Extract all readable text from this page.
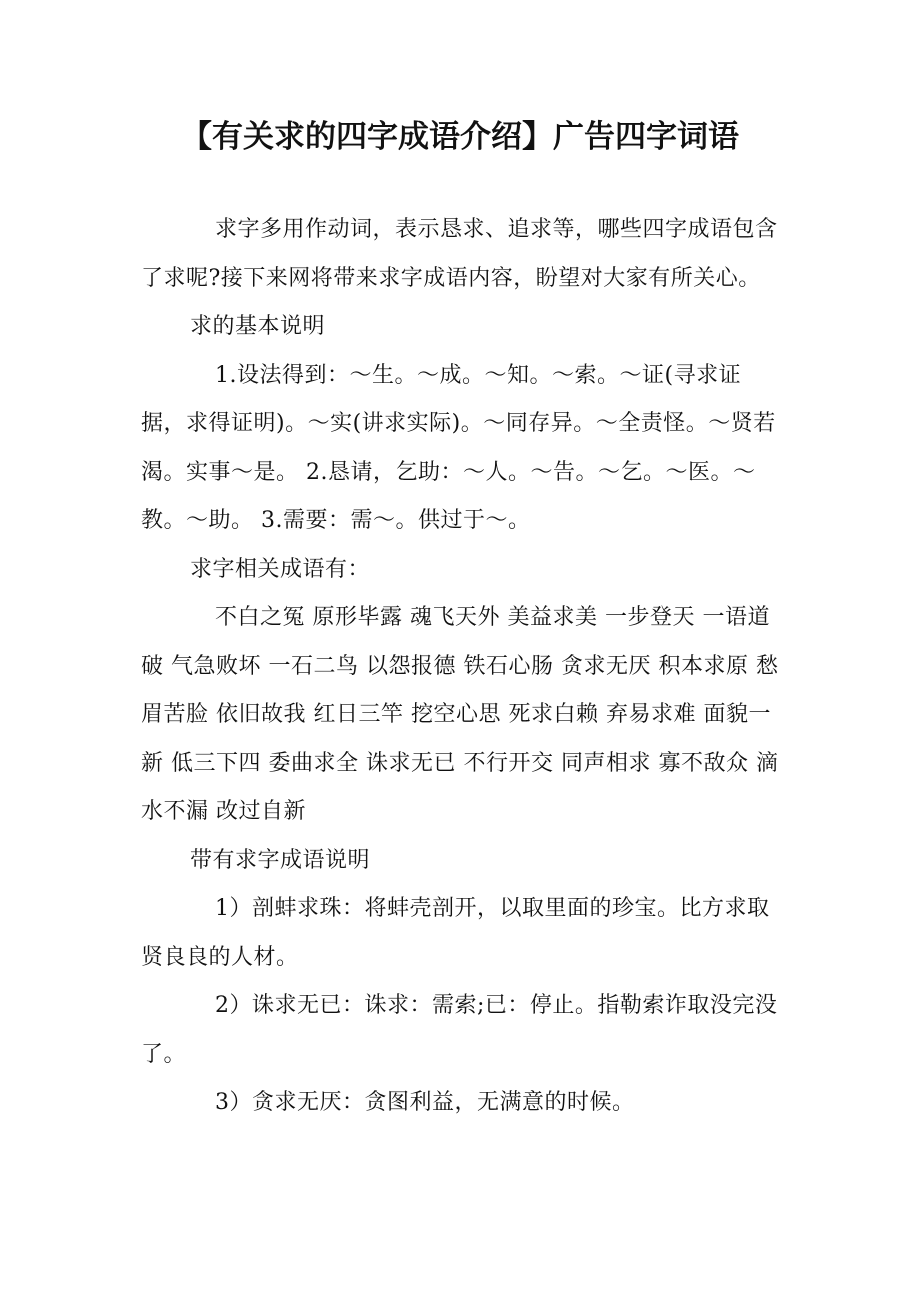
【有关求的四字成语介绍】广告四字词语

求字多用作动词，表示恳求、追求等，哪些四字成语包含了求呢?接下来网将带来求字成语内容，盼望对大家有所关心。

求的基本说明

1.设法得到：～生。～成。～知。～索。～证(寻求证据，求得证明)。～实(讲求实际)。～同存异。～全责怪。～贤若渴。实事～是。 2.恳请，乞助：～人。～告。～乞。～医。～教。～助。 3.需要：需～。供过于～。

求字相关成语有：

不白之冤 原形毕露 魂飞天外 美益求美 一步登天 一语道破 气急败坏 一石二鸟 以怨报德 铁石心肠 贪求无厌 积本求原 愁眉苦脸 依旧故我 红日三竿 挖空心思 死求白赖 弃易求难 面貌一新 低三下四 委曲求全 诛求无已 不行开交 同声相求 寡不敌众 滴水不漏 改过自新

带有求字成语说明

1）剖蚌求珠：将蚌壳剖开，以取里面的珍宝。比方求取贤良良的人材。

2）诛求无已：诛求：需索;已：停止。指勒索诈取没完没了。

3）贪求无厌：贪图利益，无满意的时候。
